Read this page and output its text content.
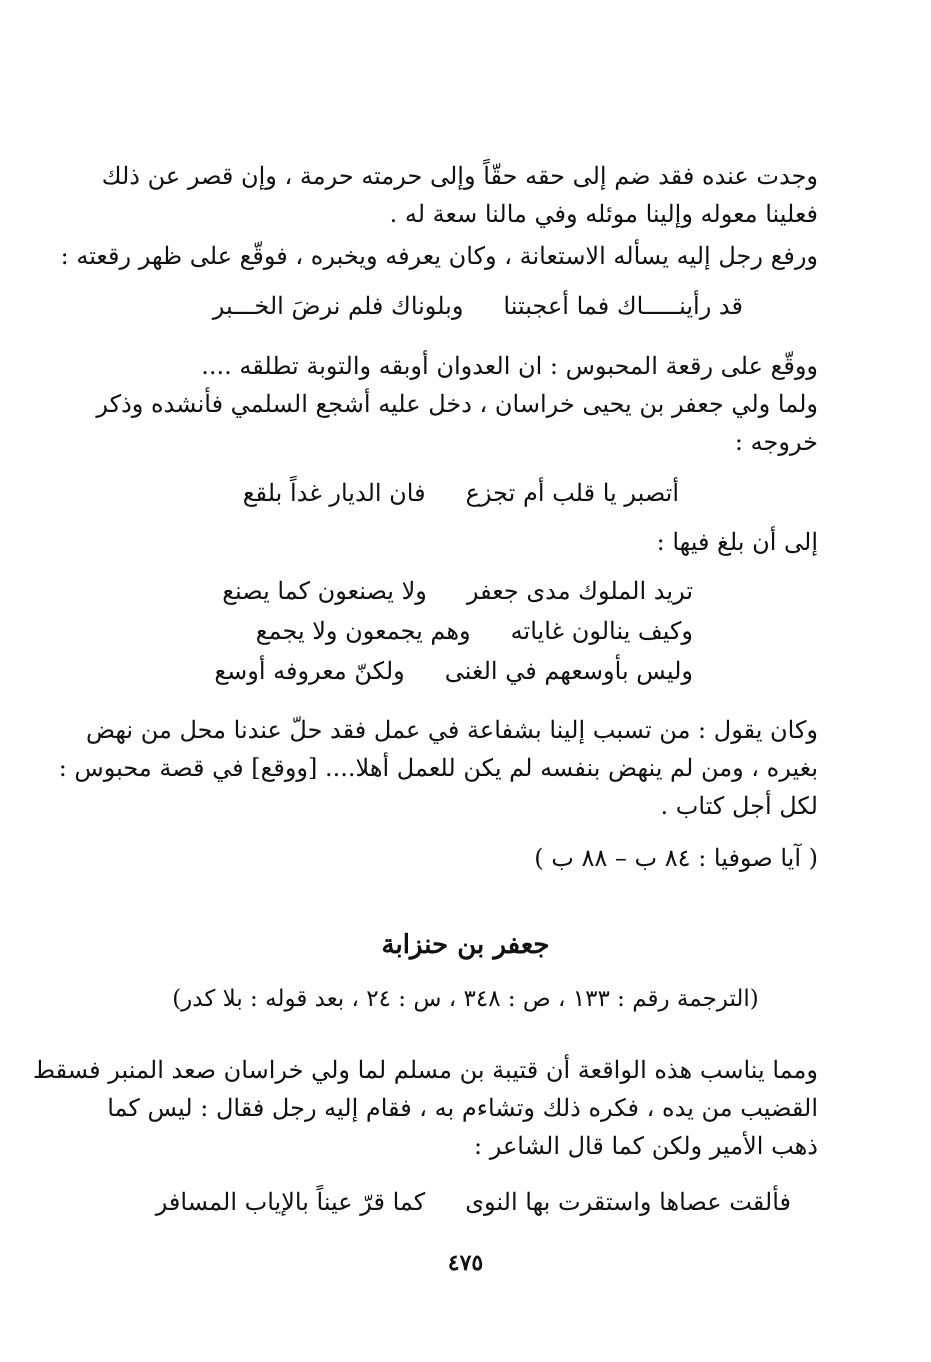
وجدت عنده فقد ضم إلى حقه حقّاً وإلى حرمته حرمة ، وإن قصر عن ذلك
فعلينا معوله وإلينا موئله وفي مالنا سعة له .
ورفع رجل إليه يسأله الاستعانة ، وكان يعرفه ويخبره ، فوقّع على ظهر رقعته :
قد رأينـــــاك فما أعجبتناوبلوناك فلم نرضَ الخـــبر
ووقّع على رقعة المحبوس : ان العدوان أوبقه والتوبة تطلقه ....
ولما ولي جعفر بن يحيى خراسان ، دخل عليه أشجع السلمي فأنشده وذكر
خروجه :
أتصبر يا قلب أم تجزعفان الديار غداً بلقع
إلى أن بلغ فيها :
تريد الملوك مدى جعفرولا يصنعون كما يصنع
وكيف ينالون غاياتهوهم يجمعون ولا يجمع
وليس بأوسعهم في الغنىولكنّ معروفه أوسع
وكان يقول : من تسبب إلينا بشفاعة في عمل فقد حلّ عندنا محل من نهض
بغيره ، ومن لم ينهض بنفسه لم يكن للعمل أهلا.... [ووقع] في قصة محبوس :
لكل أجل كتاب .
( آيا صوفيا : ٨٤ ب – ٨٨ ب )
جعفر بن حنزابة
(الترجمة رقم : ١٣٣ ، ص : ٣٤٨ ، س : ٢٤ ، بعد قوله : بلا كدر)
ومما يناسب هذه الواقعة أن قتيبة بن مسلم لما ولي خراسان صعد المنبر فسقط
القضيب من يده ، فكره ذلك وتشاءم به ، فقام إليه رجل فقال : ليس كما
ذهب الأمير ولكن كما قال الشاعر :
فألقت عصاها واستقرت بها النوىكما قرّ عيناً بالإياب المسافر
٤٧٥
